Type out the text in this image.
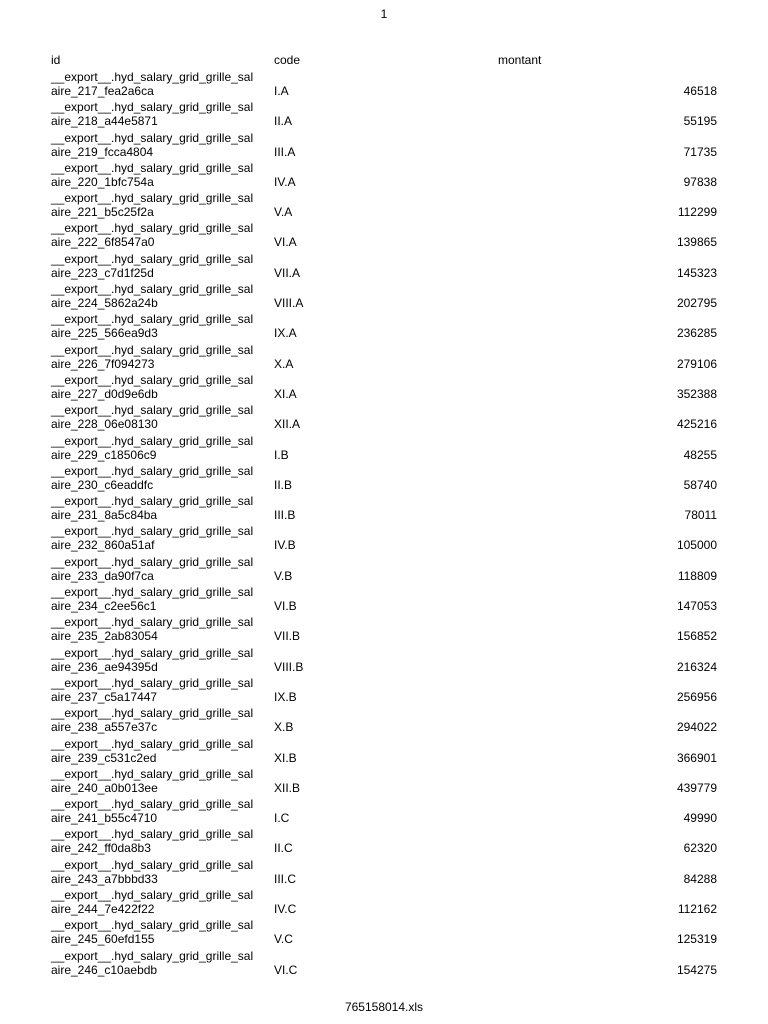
1
id	code	montant
__export__.hyd_salary_grid_grille_sal
aire_217_fea2a6ca	I.A	46518
__export__.hyd_salary_grid_grille_sal
aire_218_a44e5871	II.A	55195
__export__.hyd_salary_grid_grille_sal
aire_219_fcca4804	III.A	71735
__export__.hyd_salary_grid_grille_sal
aire_220_1bfc754a	IV.A	97838
__export__.hyd_salary_grid_grille_sal
aire_221_b5c25f2a	V.A	112299
__export__.hyd_salary_grid_grille_sal
aire_222_6f8547a0	VI.A	139865
__export__.hyd_salary_grid_grille_sal
aire_223_c7d1f25d	VII.A	145323
__export__.hyd_salary_grid_grille_sal
aire_224_5862a24b	VIII.A	202795
__export__.hyd_salary_grid_grille_sal
aire_225_566ea9d3	IX.A	236285
__export__.hyd_salary_grid_grille_sal
aire_226_7f094273	X.A	279106
__export__.hyd_salary_grid_grille_sal
aire_227_d0d9e6db	XI.A	352388
__export__.hyd_salary_grid_grille_sal
aire_228_06e08130	XII.A	425216
__export__.hyd_salary_grid_grille_sal
aire_229_c18506c9	I.B	48255
__export__.hyd_salary_grid_grille_sal
aire_230_c6eaddfc	II.B	58740
__export__.hyd_salary_grid_grille_sal
aire_231_8a5c84ba	III.B	78011
__export__.hyd_salary_grid_grille_sal
aire_232_860a51af	IV.B	105000
__export__.hyd_salary_grid_grille_sal
aire_233_da90f7ca	V.B	118809
__export__.hyd_salary_grid_grille_sal
aire_234_c2ee56c1	VI.B	147053
__export__.hyd_salary_grid_grille_sal
aire_235_2ab83054	VII.B	156852
__export__.hyd_salary_grid_grille_sal
aire_236_ae94395d	VIII.B	216324
__export__.hyd_salary_grid_grille_sal
aire_237_c5a17447	IX.B	256956
__export__.hyd_salary_grid_grille_sal
aire_238_a557e37c	X.B	294022
__export__.hyd_salary_grid_grille_sal
aire_239_c531c2ed	XI.B	366901
__export__.hyd_salary_grid_grille_sal
aire_240_a0b013ee	XII.B	439779
__export__.hyd_salary_grid_grille_sal
aire_241_b55c4710	I.C	49990
__export__.hyd_salary_grid_grille_sal
aire_242_ff0da8b3	II.C	62320
__export__.hyd_salary_grid_grille_sal
aire_243_a7bbbd33	III.C	84288
__export__.hyd_salary_grid_grille_sal
aire_244_7e422f22	IV.C	112162
__export__.hyd_salary_grid_grille_sal
aire_245_60efd155	V.C	125319
__export__.hyd_salary_grid_grille_sal
aire_246_c10aebdb	VI.C	154275
765158014.xls
